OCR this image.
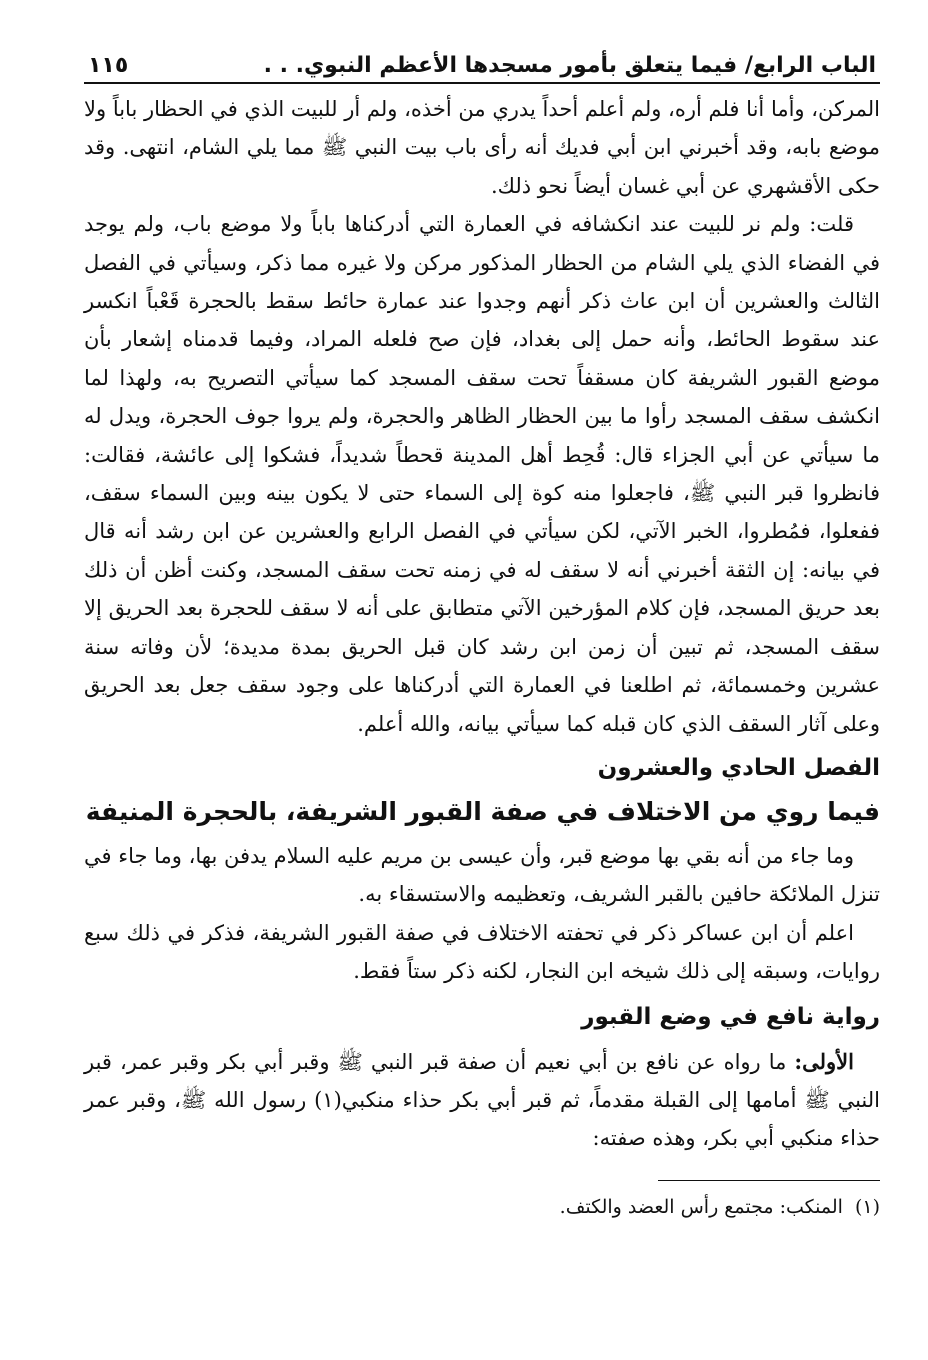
الباب الرابع/ فيما يتعلق بأمور مسجدها الأعظم النبوي. . .
١١٥

المركن، وأما أنا فلم أره، ولم أعلم أحداً يدري من أخذه، ولم أر للبيت الذي في الحظار باباً ولا موضع بابه، وقد أخبرني ابن أبي فديك أنه رأى باب بيت النبي ﷺ مما يلي الشام، انتهى. وقد حكى الأقشهري عن أبي غسان أيضاً نحو ذلك.

قلت: ولم نر للبيت عند انكشافه في العمارة التي أدركناها باباً ولا موضع باب، ولم يوجد في الفضاء الذي يلي الشام من الحظار المذكور مركن ولا غيره مما ذكر، وسيأتي في الفصل الثالث والعشرين أن ابن عاث ذكر أنهم وجدوا عند عمارة حائط سقط بالحجرة قَعْباً انكسر عند سقوط الحائط، وأنه حمل إلى بغداد، فإن صح فلعله المراد، وفيما قدمناه إشعار بأن موضع القبور الشريفة كان مسقفاً تحت سقف المسجد كما سيأتي التصريح به، ولهذا لما انكشف سقف المسجد رأوا ما بين الحظار الظاهر والحجرة، ولم يروا جوف الحجرة، ويدل له ما سيأتي عن أبي الجزاء قال: قُحِط أهل المدينة قحطاً شديداً، فشكوا إلى عائشة، فقالت: فانظروا قبر النبي ﷺ، فاجعلوا منه كوة إلى السماء حتى لا يكون بينه وبين السماء سقف، ففعلوا، فمُطروا، الخبر الآتي، لكن سيأتي في الفصل الرابع والعشرين عن ابن رشد أنه قال في بيانه: إن الثقة أخبرني أنه لا سقف له في زمنه تحت سقف المسجد، وكنت أظن أن ذلك بعد حريق المسجد، فإن كلام المؤرخين الآتي متطابق على أنه لا سقف للحجرة بعد الحريق إلا سقف المسجد، ثم تبين أن زمن ابن رشد كان قبل الحريق بمدة مديدة؛ لأن وفاته سنة عشرين وخمسمائة، ثم اطلعنا في العمارة التي أدركناها على وجود سقف جعل بعد الحريق وعلى آثار السقف الذي كان قبله كما سيأتي بيانه، والله أعلم.

الفصل الحادي والعشرون
فيما روي من الاختلاف في صفة القبور الشريفة، بالحجرة المنيفة

وما جاء من أنه بقي بها موضع قبر، وأن عيسى بن مريم عليه السلام يدفن بها، وما جاء في تنزل الملائكة حافين بالقبر الشريف، وتعظيمه والاستسقاء به.

اعلم أن ابن عساكر ذكر في تحفته الاختلاف في صفة القبور الشريفة، فذكر في ذلك سبع روايات، وسبقه إلى ذلك شيخه ابن النجار، لكنه ذكر ستاً فقط.

رواية نافع في وضع القبور

الأولى: ما رواه عن نافع بن أبي نعيم أن صفة قبر النبي ﷺ وقبر أبي بكر وقبر عمر، قبر النبي ﷺ أمامها إلى القبلة مقدماً، ثم قبر أبي بكر حذاء منكبي(١) رسول الله ﷺ، وقبر عمر حذاء منكبي أبي بكر، وهذه صفته:

(١)المنكب: مجتمع رأس العضد والكتف.
